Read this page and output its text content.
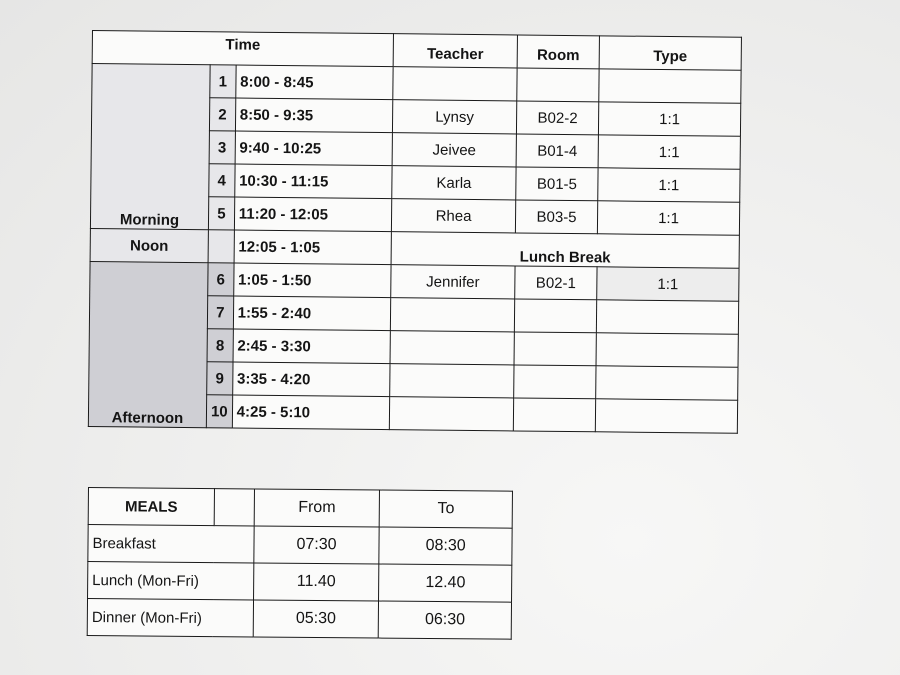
Time			Teacher	Room	Type
Morning	1	8:00 - 8:45			
	2	8:50 - 9:35	Lynsy	B02-2	1:1
	3	9:40 - 10:25	Jeivee	B01-4	1:1
	4	10:30 - 11:15	Karla	B01-5	1:1
	5	11:20 - 12:05	Rhea	B03-5	1:1
Noon		12:05 - 1:05	Lunch Break		
Afternoon	6	1:05 - 1:50	Jennifer	B02-1	1:1
	7	1:55 - 2:40			
	8	2:45 - 3:30			
	9	3:35 - 4:20			
	10	4:25 - 5:10			
MEALS		From	To
Breakfast		07:30	08:30
Lunch (Mon-Fri)		11.40	12.40
Dinner (Mon-Fri)		05:30	06:30
